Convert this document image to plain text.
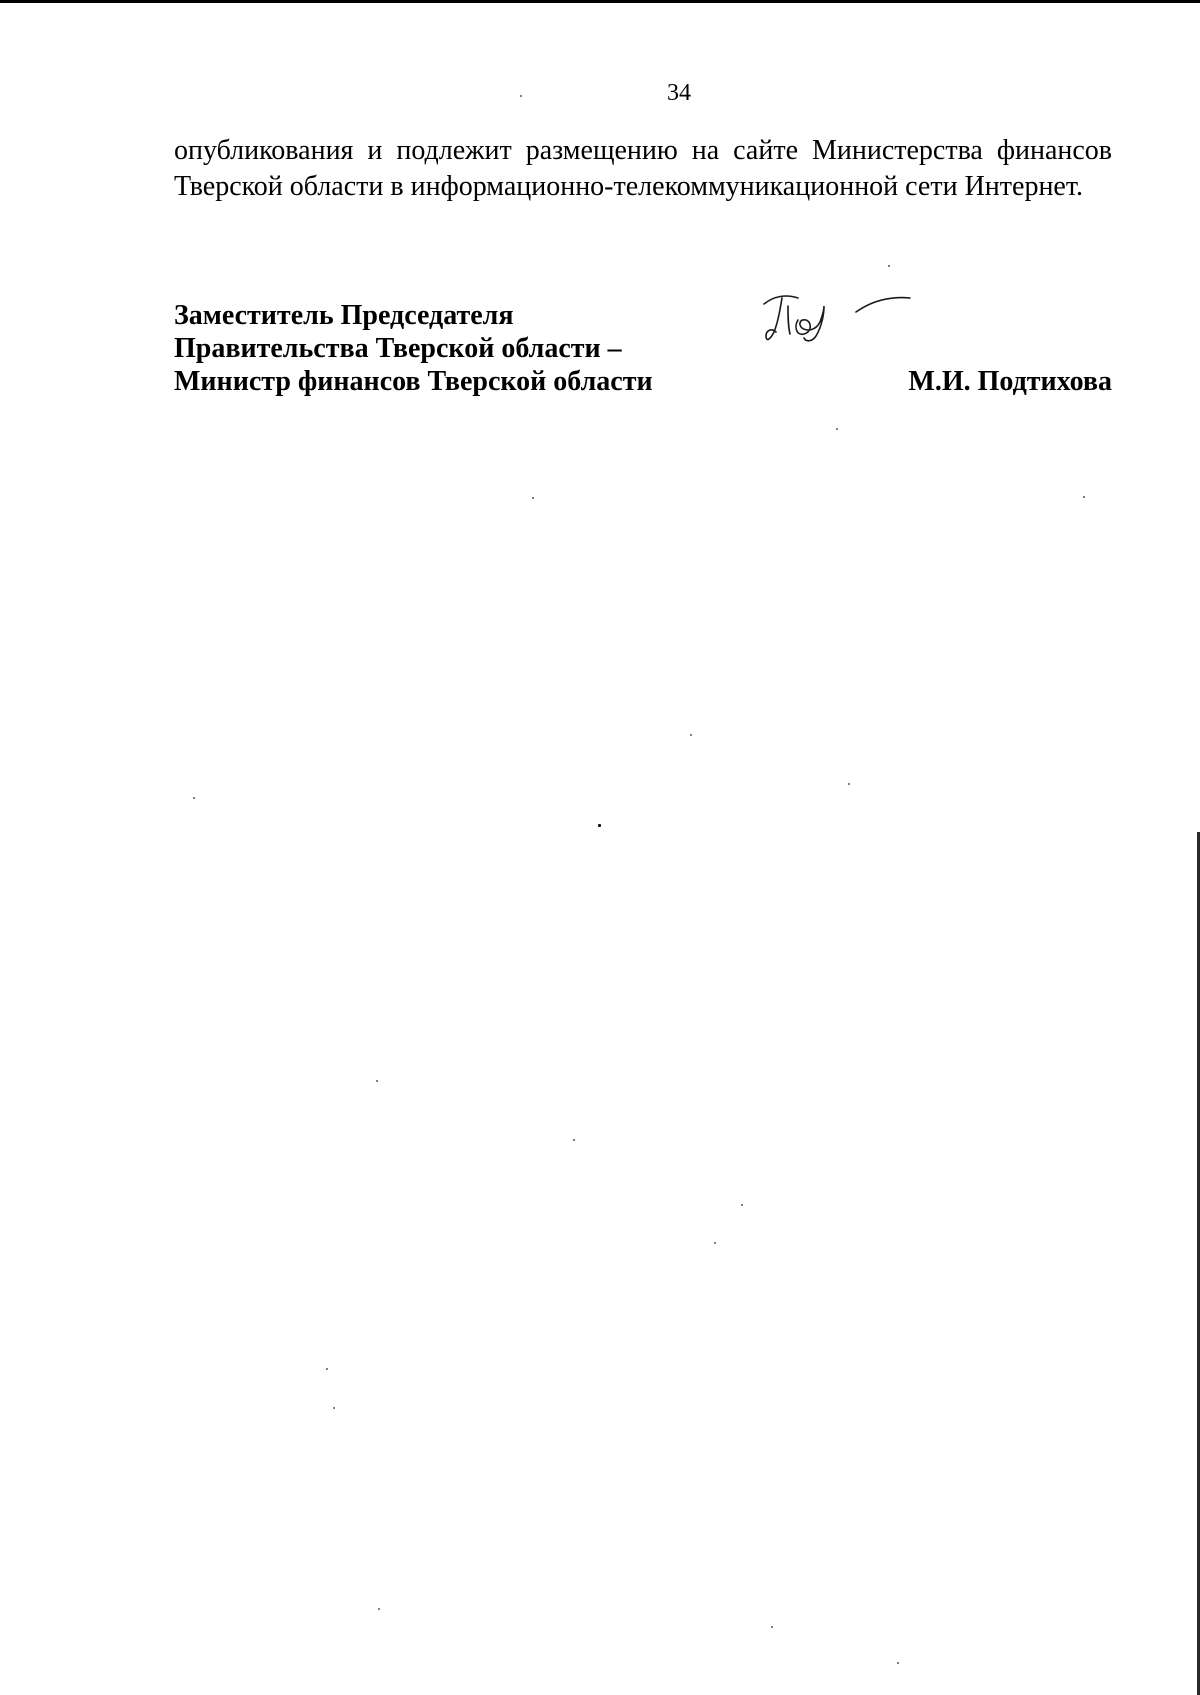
34

опубликования и подлежит размещению на сайте Министерства финансов
Тверской области в информационно-телекоммуникационной сети Интернет.

Заместитель Председателя
Правительства Тверской области –
Министр финансов Тверской области	М.И. Подтихова
